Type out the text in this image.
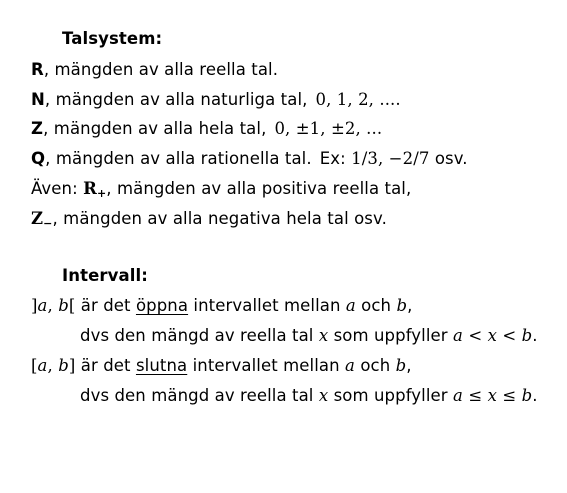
Talsystem:
R, mängden av alla reella tal.
N, mängden av alla naturliga tal, 0, 1, 2, ....
Z, mängden av alla hela tal, 0, ±1, ±2, ...
Q, mängden av alla rationella tal. Ex: 1/3, −2/7 osv.
Även: $R_+$, mängden av alla positiva reella tal,
$Z_-$, mängden av alla negativa hela tal osv.
Intervall:
]a, b[ är det öppna intervallet mellan a och b,
dvs den mängd av reella tal x som uppfyller a < x < b.
[a, b] är det slutna intervallet mellan a och b,
dvs den mängd av reella tal x som uppfyller a ≤ x ≤ b.
